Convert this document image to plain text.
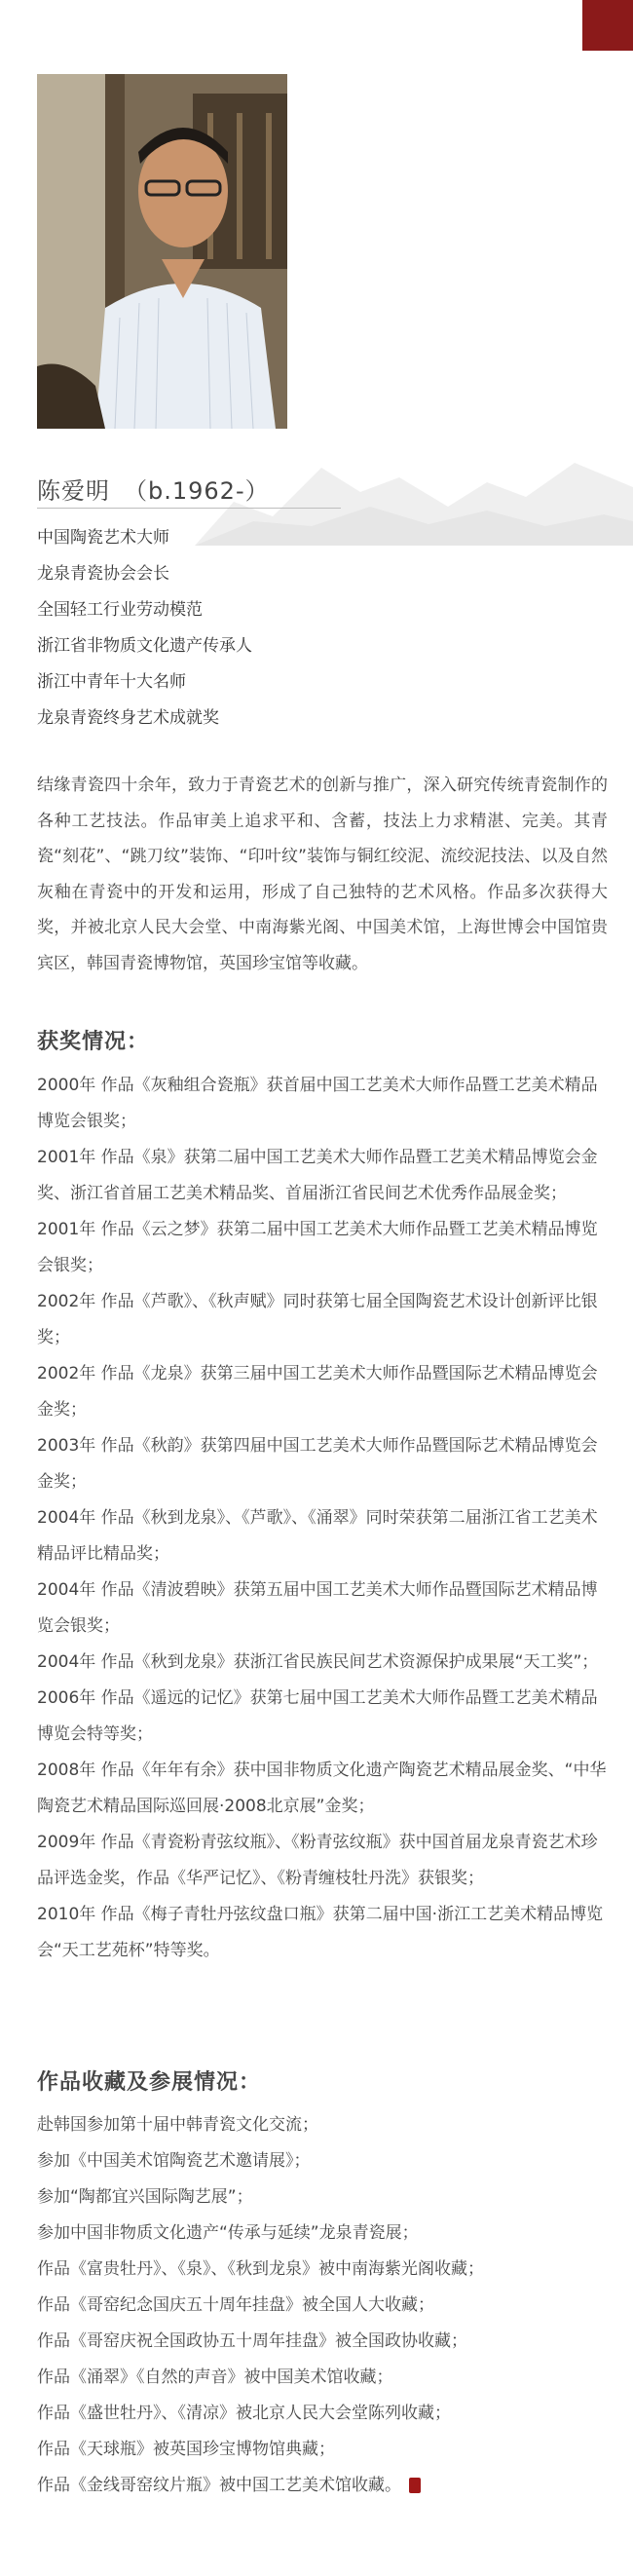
陈爱明 （b.1962-）
中国陶瓷艺术大师
龙泉青瓷协会会长
全国轻工行业劳动模范
浙江省非物质文化遗产传承人
浙江中青年十大名师
龙泉青瓷终身艺术成就奖

结缘青瓷四十余年，致力于青瓷艺术的创新与推广，深入研究传统青瓷制作的各种工艺技法。作品审美上追求平和、含蓄，技法上力求精湛、完美。其青瓷“刻花”、“跳刀纹”装饰、“印叶纹”装饰与铜红绞泥、流绞泥技法、以及自然灰釉在青瓷中的开发和运用，形成了自己独特的艺术风格。作品多次获得大奖，并被北京人民大会堂、中南海紫光阁、中国美术馆，上海世博会中国馆贵宾区，韩国青瓷博物馆，英国珍宝馆等收藏。

获奖情况：
2000年 作品《灰釉组合瓷瓶》获首届中国工艺美术大师作品暨工艺美术精品博览会银奖；
2001年 作品《泉》获第二届中国工艺美术大师作品暨工艺美术精品博览会金奖、浙江省首届工艺美术精品奖、首届浙江省民间艺术优秀作品展金奖；
2001年 作品《云之梦》获第二届中国工艺美术大师作品暨工艺美术精品博览会银奖；
2002年 作品《芦歌》、《秋声赋》同时获第七届全国陶瓷艺术设计创新评比银奖；
2002年 作品《龙泉》获第三届中国工艺美术大师作品暨国际艺术精品博览会金奖；
2003年 作品《秋韵》获第四届中国工艺美术大师作品暨国际艺术精品博览会金奖；
2004年 作品《秋到龙泉》、《芦歌》、《涌翠》同时荣获第二届浙江省工艺美术精品评比精品奖；
2004年 作品《清波碧映》获第五届中国工艺美术大师作品暨国际艺术精品博览会银奖；
2004年 作品《秋到龙泉》获浙江省民族民间艺术资源保护成果展“天工奖”；
2006年 作品《遥远的记忆》获第七届中国工艺美术大师作品暨工艺美术精品博览会特等奖；
2008年 作品《年年有余》获中国非物质文化遗产陶瓷艺术精品展金奖、“中华陶瓷艺术精品国际巡回展·2008北京展”金奖；
2009年 作品《青瓷粉青弦纹瓶》、《粉青弦纹瓶》获中国首届龙泉青瓷艺术珍品评选金奖，作品《华严记忆》、《粉青缠枝牡丹洗》获银奖；
2010年 作品《梅子青牡丹弦纹盘口瓶》获第二届中国·浙江工艺美术精品博览会“天工艺苑杯”特等奖。
作品收藏及参展情况：
赴韩国参加第十届中韩青瓷文化交流；
参加《中国美术馆陶瓷艺术邀请展》；
参加“陶都宜兴国际陶艺展”；
参加中国非物质文化遗产“传承与延续”龙泉青瓷展；
作品《富贵牡丹》、《泉》、《秋到龙泉》被中南海紫光阁收藏；
作品《哥窑纪念国庆五十周年挂盘》被全国人大收藏；
作品《哥窑庆祝全国政协五十周年挂盘》被全国政协收藏；
作品《涌翠》《自然的声音》被中国美术馆收藏；
作品《盛世牡丹》、《清凉》被北京人民大会堂陈列收藏；
作品《天球瓶》被英国珍宝博物馆典藏；
作品《金线哥窑纹片瓶》被中国工艺美术馆收藏。
